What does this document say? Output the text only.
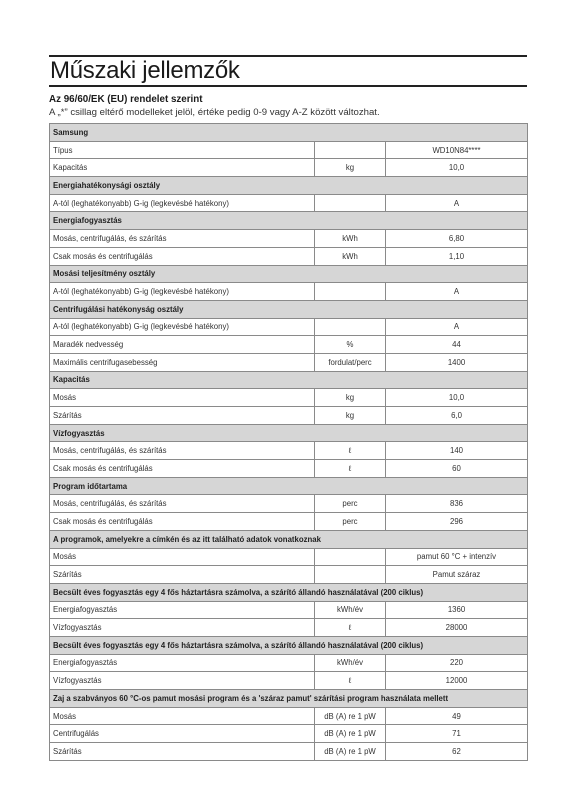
Műszaki jellemzők
Az 96/60/EK (EU) rendelet szerint
A „*” csillag eltérő modelleket jelöl, értéke pedig 0-9 vagy A-Z között változhat.
Samsung		
Típus		WD10N84****
Kapacitás	kg	10,0
Energiahatékonysági osztály		
A-tól (leghatékonyabb) G-ig (legkevésbé hatékony)		A
Energiafogyasztás		
Mosás, centrifugálás, és szárítás	kWh	6,80
Csak mosás és centrifugálás	kWh	1,10
Mosási teljesítmény osztály		
A-tól (leghatékonyabb) G-ig (legkevésbé hatékony)		A
Centrifugálási hatékonyság osztály		
A-tól (leghatékonyabb) G-ig (legkevésbé hatékony)		A
Maradék nedvesség	%	44
Maximális centrifugasebesség	fordulat/perc	1400
Kapacitás		
Mosás	kg	10,0
Szárítás	kg	6,0
Vízfogyasztás		
Mosás, centrifugálás, és szárítás	ℓ	140
Csak mosás és centrifugálás	ℓ	60
Program időtartama		
Mosás, centrifugálás, és szárítás	perc	836
Csak mosás és centrifugálás	perc	296
A programok, amelyekre a címkén és az itt található adatok vonatkoznak		
Mosás		pamut 60 °C + intenzív
Szárítás		Pamut száraz
Becsült éves fogyasztás egy 4 fős háztartásra számolva, a szárító állandó használatával (200 ciklus)		
Energiafogyasztás	kWh/év	1360
Vízfogyasztás	ℓ	28000
Becsült éves fogyasztás egy 4 fős háztartásra számolva, a szárító állandó használatával (200 ciklus)		
Energiafogyasztás	kWh/év	220
Vízfogyasztás	ℓ	12000
Zaj a szabványos 60 °C-os pamut mosási program és a 'száraz pamut' szárítási program használata mellett		
Mosás	dB (A) re 1 pW	49
Centrifugálás	dB (A) re 1 pW	71
Szárítás	dB (A) re 1 pW	62
